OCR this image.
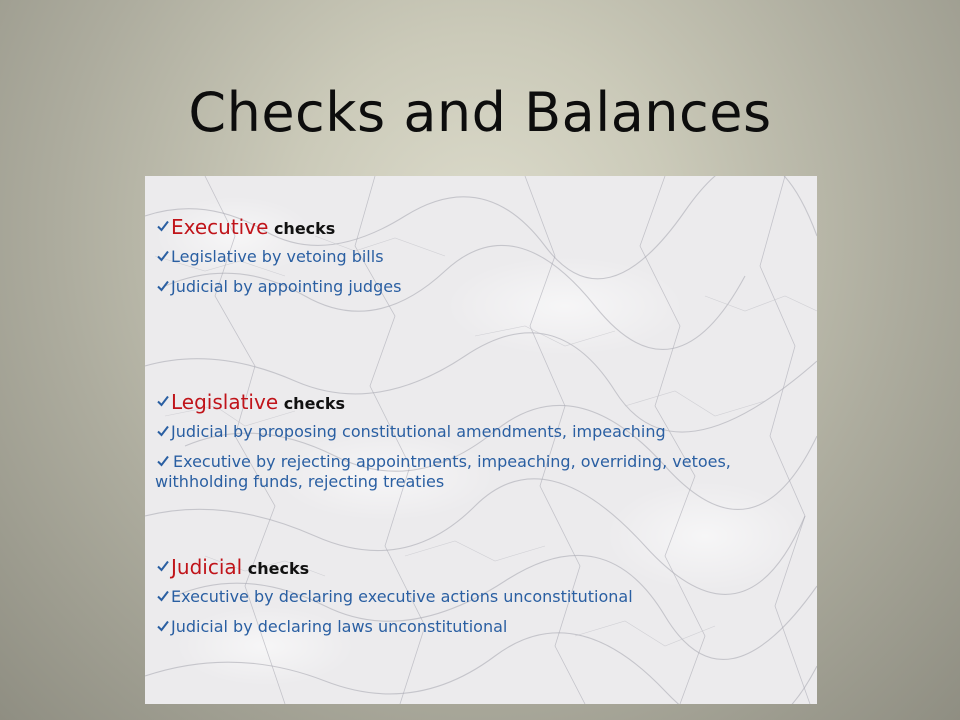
Checks and Balances
Executive checks
Legislative by vetoing bills
Judicial by appointing judges
Legislative checks
Judicial by proposing constitutional amendments, impeaching
Executive by rejecting appointments, impeaching, overriding, vetoes, withholding funds, rejecting treaties
Judicial checks
Executive by declaring executive actions unconstitutional
Judicial by declaring laws unconstitutional
